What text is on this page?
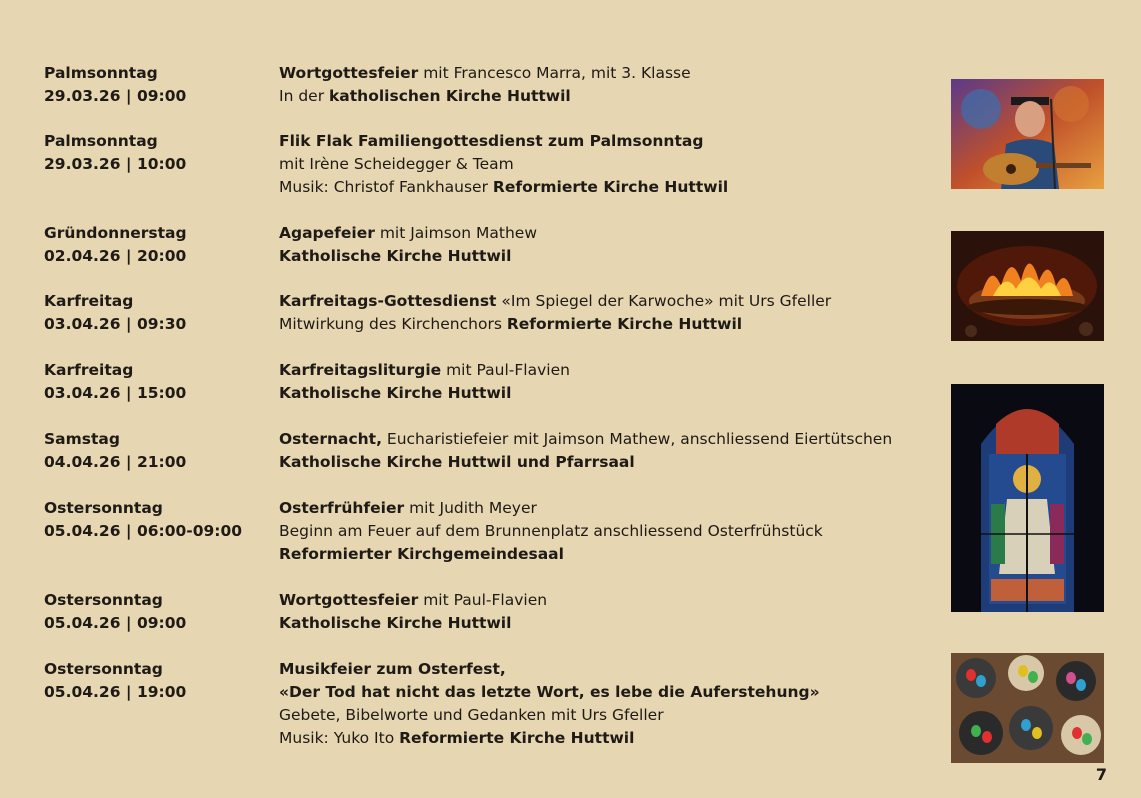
Palmsonntag
29.03.26 | 09:00
Wortgottesfeier mit Francesco Marra, mit 3. Klasse
In der katholischen Kirche Huttwil
Palmsonntag
29.03.26 | 10:00
Flik Flak Familiengottesdienst zum Palmsonntag
mit Irène Scheidegger & Team
Musik: Christof Fankhauser Reformierte Kirche Huttwil
Gründonnerstag
02.04.26 | 20:00
Agapefeier mit Jaimson Mathew
Katholische Kirche Huttwil
Karfreitag
03.04.26 | 09:30
Karfreitags-Gottesdienst «Im Spiegel der Karwoche» mit Urs Gfeller
Mitwirkung des Kirchenchors Reformierte Kirche Huttwil
Karfreitag
03.04.26 | 15:00
Karfreitagsliturgie mit Paul-Flavien
Katholische Kirche Huttwil
Samstag
04.04.26 | 21:00
Osternacht, Eucharistiefeier mit Jaimson Mathew, anschliessend Eiertütschen
Katholische Kirche Huttwil und Pfarrsaal
Ostersonntag
05.04.26 | 06:00-09:00
Osterfrühfeier mit Judith Meyer
Beginn am Feuer auf dem Brunnenplatz anschliessend Osterfrühstück
Reformierter Kirchgemeindesaal
Ostersonntag
05.04.26 | 09:00
Wortgottesfeier mit Paul-Flavien
Katholische Kirche Huttwil
Ostersonntag
05.04.26 | 19:00
Musikfeier zum Osterfest,
«Der Tod hat nicht das letzte Wort, es lebe die Auferstehung»
Gebete, Bibelworte und Gedanken mit Urs Gfeller
Musik: Yuko Ito Reformierte Kirche Huttwil
7
